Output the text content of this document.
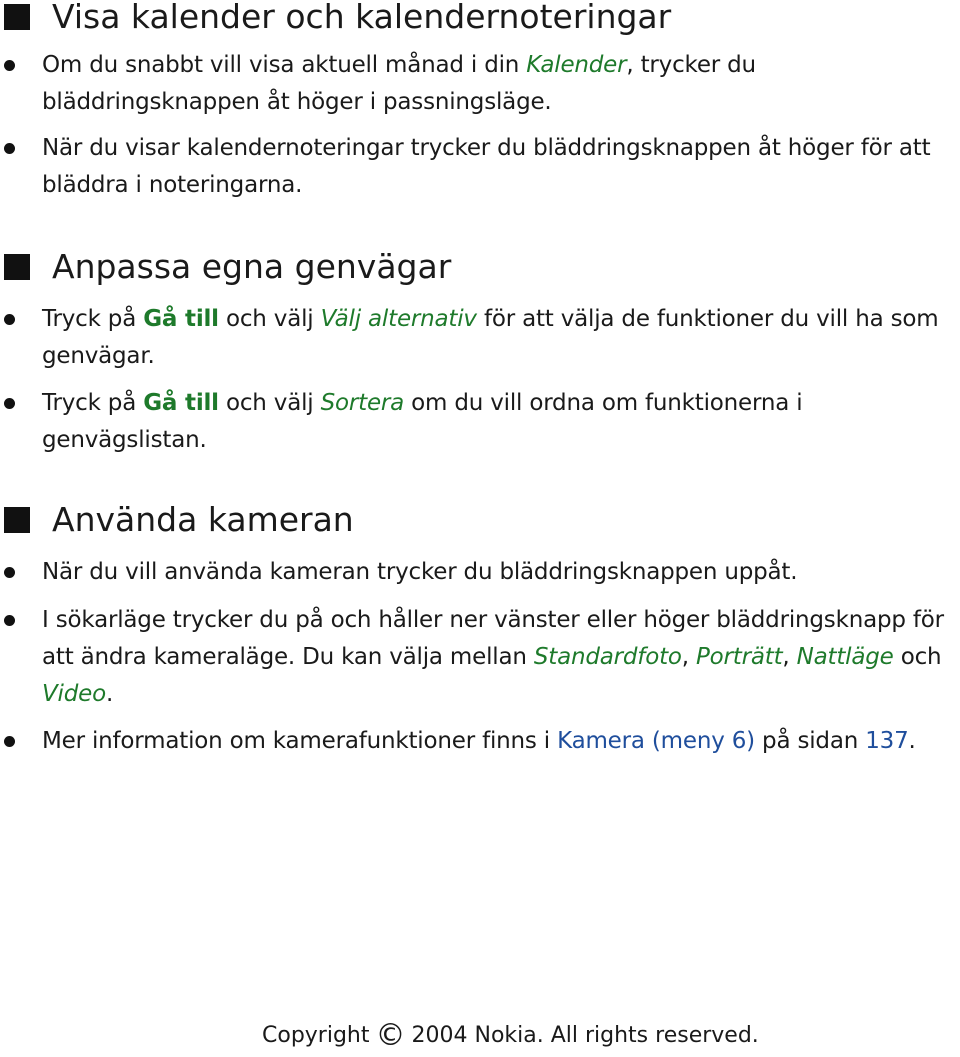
Visa kalender och kalendernoteringar
Om du snabbt vill visa aktuell månad i din Kalender, trycker du bläddringsknappen åt höger i passningsläge.
När du visar kalendernoteringar trycker du bläddringsknappen åt höger för att bläddra i noteringarna.
Anpassa egna genvägar
Tryck på Gå till och välj Välj alternativ för att välja de funktioner du vill ha som genvägar.
Tryck på Gå till och välj Sortera om du vill ordna om funktionerna i genvägslistan.
Använda kameran
När du vill använda kameran trycker du bläddringsknappen uppåt.
I sökarläge trycker du på och håller ner vänster eller höger bläddringsknapp för att ändra kameraläge. Du kan välja mellan Standardfoto, Porträtt, Nattläge och Video.
Mer information om kamerafunktioner finns i Kamera (meny 6) på sidan 137.
Copyright © 2004 Nokia. All rights reserved.
